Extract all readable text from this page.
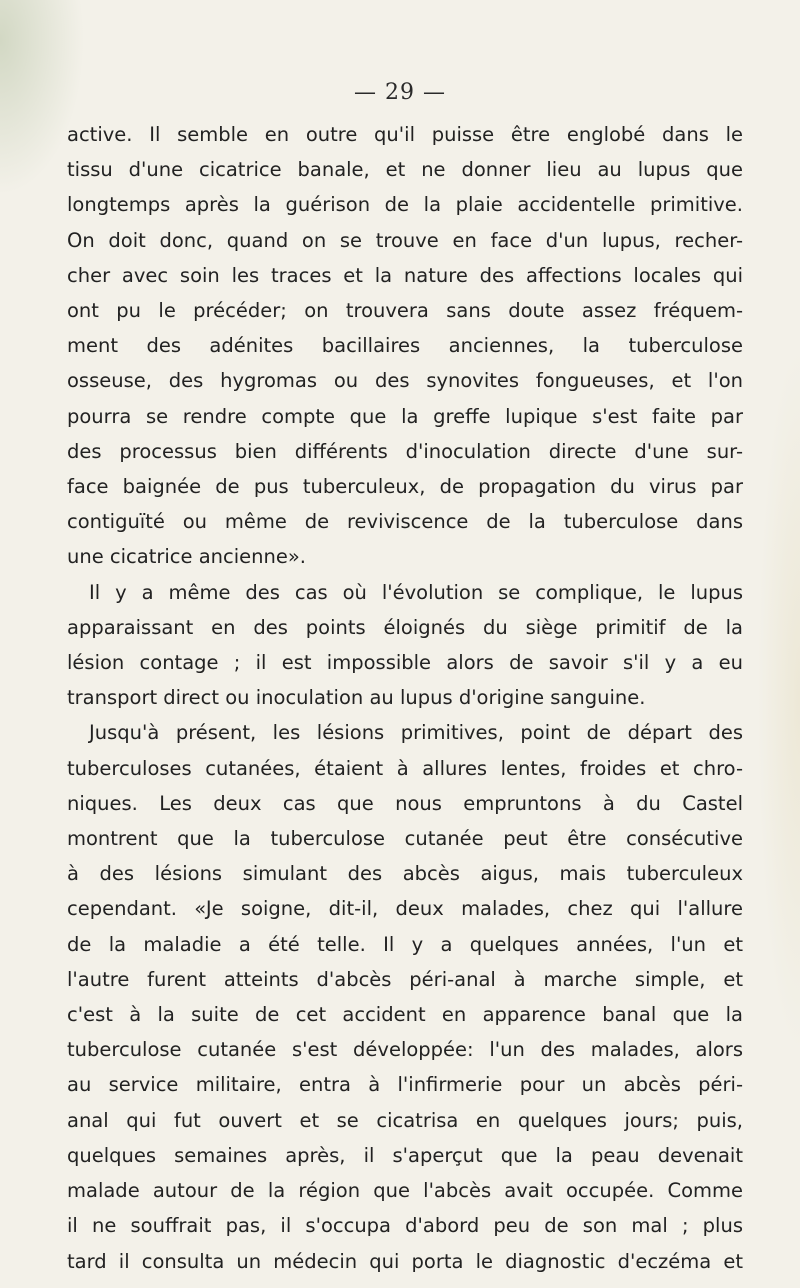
— 29 —
active. Il semble en outre qu'il puisse être englobé dans le
tissu d'une cicatrice banale, et ne donner lieu au lupus que
longtemps après la guérison de la plaie accidentelle primitive.
On doit donc, quand on se trouve en face d'un lupus, recher-
cher avec soin les traces et la nature des affections locales qui
ont pu le précéder; on trouvera sans doute assez fréquem-
ment des adénites bacillaires anciennes, la tuberculose
osseuse, des hygromas ou des synovites fongueuses, et l'on
pourra se rendre compte que la greffe lupique s'est faite par
des processus bien différents d'inoculation directe d'une sur-
face baignée de pus tuberculeux, de propagation du virus par
contiguïté ou même de reviviscence de la tuberculose dans
une cicatrice ancienne».
Il y a même des cas où l'évolution se complique, le lupus
apparaissant en des points éloignés du siège primitif de la
lésion contage ; il est impossible alors de savoir s'il y a eu
transport direct ou inoculation au lupus d'origine sanguine.
Jusqu'à présent, les lésions primitives, point de départ des
tuberculoses cutanées, étaient à allures lentes, froides et chro-
niques. Les deux cas que nous empruntons à du Castel
montrent que la tuberculose cutanée peut être consécutive
à des lésions simulant des abcès aigus, mais tuberculeux
cependant. «Je soigne, dit-il, deux malades, chez qui l'allure
de la maladie a été telle. Il y a quelques années, l'un et
l'autre furent atteints d'abcès péri-anal à marche simple, et
c'est à la suite de cet accident en apparence banal que la
tuberculose cutanée s'est développée: l'un des malades, alors
au service militaire, entra à l'infirmerie pour un abcès péri-
anal qui fut ouvert et se cicatrisa en quelques jours; puis,
quelques semaines après, il s'aperçut que la peau devenait
malade autour de la région que l'abcès avait occupée. Comme
il ne souffrait pas, il s'occupa d'abord peu de son mal ; plus
tard il consulta un médecin qui porta le diagnostic d'eczéma et
